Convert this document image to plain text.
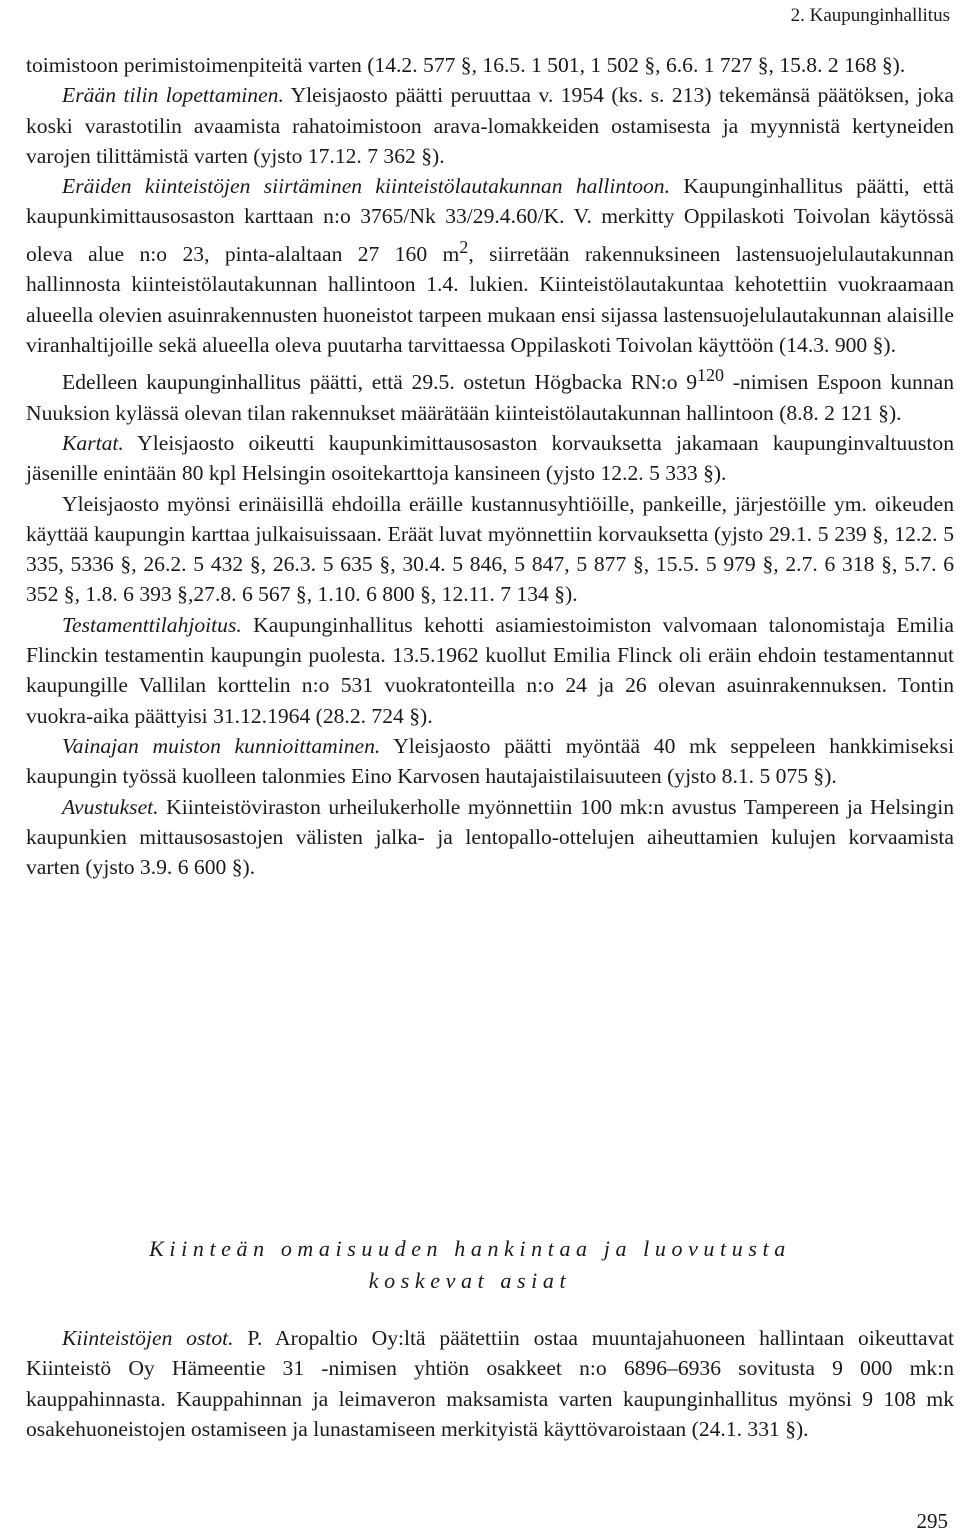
2. Kaupunginhallitus

toimistoon perimistoimenpiteitä varten (14.2. 577 §, 16.5. 1 501, 1 502 §, 6.6. 1 727 §, 15.8. 2 168 §).

Erään tilin lopettaminen. Yleisjaosto päätti peruuttaa v. 1954 (ks. s. 213) tekemänsä päätöksen, joka koski varastotilin avaamista rahatoimistoon arava-lomakkeiden ostamisesta ja myynnistä kertyneiden varojen tilittämistä varten (yjsto 17.12. 7 362 §).

Eräiden kiinteistöjen siirtäminen kiinteistölautakunnan hallintoon. Kaupunginhallitus päätti, että kaupunkimittausosaston karttaan n:o 3765/Nk 33/29.4.60/K. V. merkitty Oppilaskoti Toivolan käytössä oleva alue n:o 23, pinta-alaltaan 27 160 $m^2$, siirretään rakennuksineen lastensuojelulautakunnan hallinnosta kiinteistölautakunnan hallintoon 1.4. lukien. Kiinteistölautakuntaa kehotettiin vuokraamaan alueella olevien asuinrakennusten huoneistot tarpeen mukaan ensi sijassa lastensuojelulautakunnan alaisille viranhaltijoille sekä alueella oleva puutarha tarvittaessa Oppilaskoti Toivolan käyttöön (14.3. 900 §).

Edelleen kaupunginhallitus päätti, että 29.5. ostetun Högbacka RN:o $9^{120}$ -nimisen Espoon kunnan Nuuksion kylässä olevan tilan rakennukset määrätään kiinteistölautakunnan hallintoon (8.8. 2 121 §).

Kartat. Yleisjaosto oikeutti kaupunkimittausosaston korvauksetta jakamaan kaupunginvaltuuston jäsenille enintään 80 kpl Helsingin osoitekarttoja kansineen (yjsto 12.2. 5 333 §).

Yleisjaosto myönsi erinäisillä ehdoilla eräille kustannusyhtiöille, pankeille, järjestöille ym. oikeuden käyttää kaupungin karttaa julkaisuissaan. Eräät luvat myönnettiin korvauksetta (yjsto 29.1. 5 239 §, 12.2. 5 335, 5336 §, 26.2. 5 432 §, 26.3. 5 635 §, 30.4. 5 846, 5 847, 5 877 §, 15.5. 5 979 §, 2.7. 6 318 §, 5.7. 6 352 §, 1.8. 6 393 §,27.8. 6 567 §, 1.10. 6 800 §, 12.11. 7 134 §).

Testamenttilahjoitus. Kaupunginhallitus kehotti asiamiestoimiston valvomaan talonomistaja Emilia Flinckin testamentin kaupungin puolesta. 13.5.1962 kuollut Emilia Flinck oli eräin ehdoin testamentannut kaupungille Vallilan korttelin n:o 531 vuokratonteilla n:o 24 ja 26 olevan asuinrakennuksen. Tontin vuokra-aika päättyisi 31.12.1964 (28.2. 724 §).

Vainajan muiston kunnioittaminen. Yleisjaosto päätti myöntää 40 mk seppeleen hankkimiseksi kaupungin työssä kuolleen talonmies Eino Karvosen hautajaistilaisuuteen (yjsto 8.1. 5 075 §).

Avustukset. Kiinteistöviraston urheilukerholle myönnettiin 100 mk:n avustus Tampereen ja Helsingin kaupunkien mittausosastojen välisten jalka- ja lentopallo-ottelujen aiheuttamien kulujen korvaamista varten (yjsto 3.9. 6 600 §).

Kiinteän omaisuuden hankintaa ja luovutusta
koskevat asiat

Kiinteistöjen ostot. P. Aropaltio Oy:ltä päätettiin ostaa muuntajahuoneen hallintaan oikeuttavat Kiinteistö Oy Hämeentie 31 -nimisen yhtiön osakkeet n:o 6896–6936 sovitusta 9 000 mk:n kauppahinnasta. Kauppahinnan ja leimaveron maksamista varten kaupunginhallitus myönsi 9 108 mk osakehuoneistojen ostamiseen ja lunastamiseen merkityistä käyttövaroistaan (24.1. 331 §).

295
